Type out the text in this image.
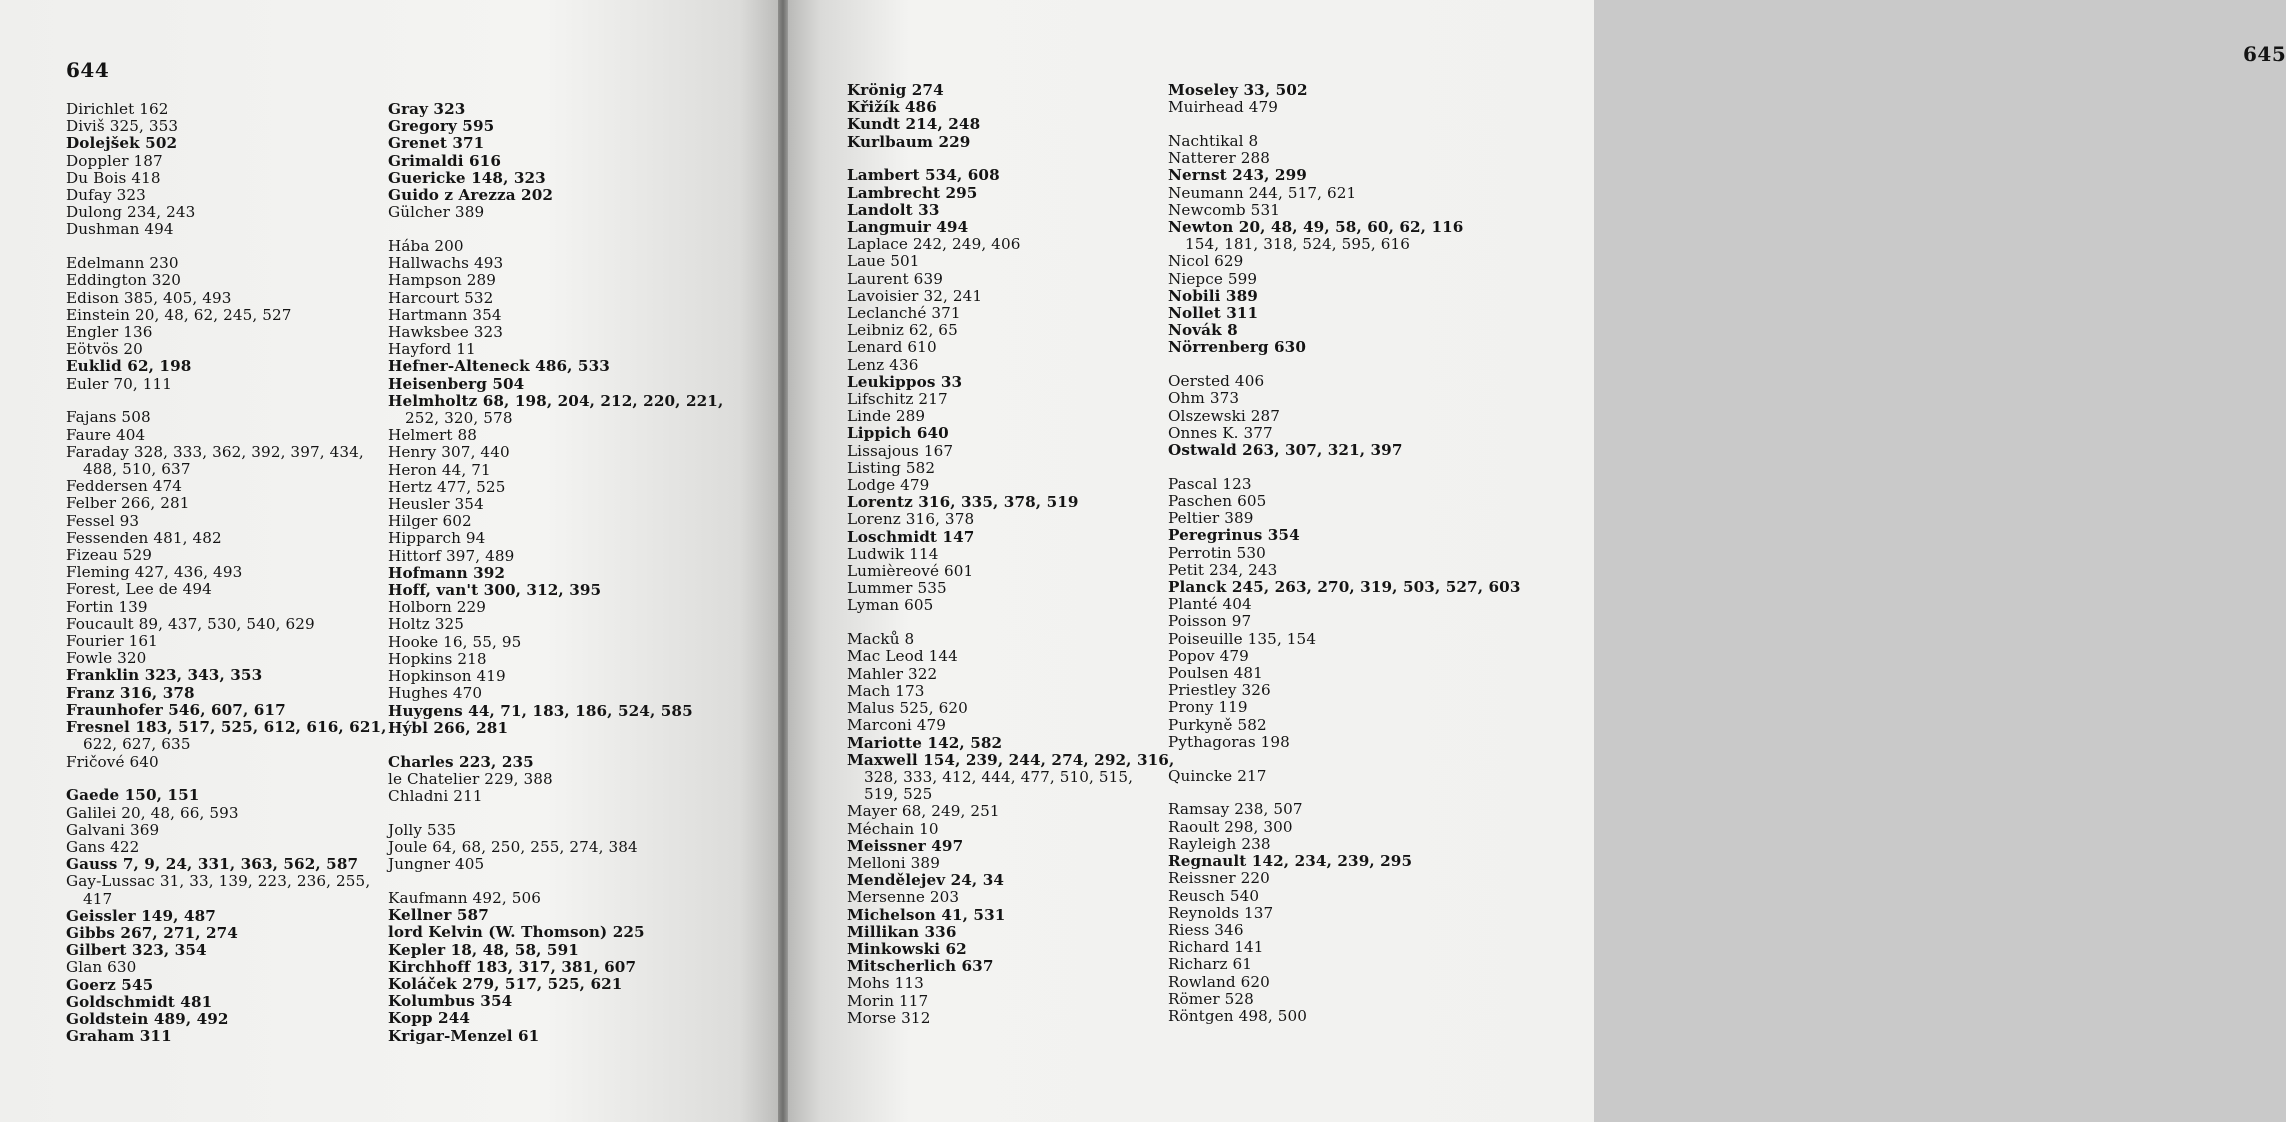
644
Dirichlet 162
Diviš 325, 353
Dolejšek 502
Doppler 187
Du Bois 418
Dufay 323
Dulong 234, 243
Dushman 494
Edelmann 230
Eddington 320
Edison 385, 405, 493
Einstein 20, 48, 62, 245, 527
Engler 136
Eötvös 20
Euklid 62, 198
Euler 70, 111
Fajans 508
Faure 404
Faraday 328, 333, 362, 392, 397, 434,
488, 510, 637
Feddersen 474
Felber 266, 281
Fessel 93
Fessenden 481, 482
Fizeau 529
Fleming 427, 436, 493
Forest, Lee de 494
Fortin 139
Foucault 89, 437, 530, 540, 629
Fourier 161
Fowle 320
Franklin 323, 343, 353
Franz 316, 378
Fraunhofer 546, 607, 617
Fresnel 183, 517, 525, 612, 616, 621,
622, 627, 635
Fričové 640
Gaede 150, 151
Galilei 20, 48, 66, 593
Galvani 369
Gans 422
Gauss 7, 9, 24, 331, 363, 562, 587
Gay-Lussac 31, 33, 139, 223, 236, 255,
417
Geissler 149, 487
Gibbs 267, 271, 274
Gilbert 323, 354
Glan 630
Goerz 545
Goldschmidt 481
Goldstein 489, 492
Graham 311
Gray 323
Gregory 595
Grenet 371
Grimaldi 616
Guericke 148, 323
Guido z Arezza 202
Gülcher 389
Hába 200
Hallwachs 493
Hampson 289
Harcourt 532
Hartmann 354
Hawksbee 323
Hayford 11
Hefner-Alteneck 486, 533
Heisenberg 504
Helmholtz 68, 198, 204, 212, 220, 221,
252, 320, 578
Helmert 88
Henry 307, 440
Heron 44, 71
Hertz 477, 525
Heusler 354
Hilger 602
Hipparch 94
Hittorf 397, 489
Hofmann 392
Hoff, van't 300, 312, 395
Holborn 229
Holtz 325
Hooke 16, 55, 95
Hopkins 218
Hopkinson 419
Hughes 470
Huygens 44, 71, 183, 186, 524, 585
Hýbl 266, 281
Charles 223, 235
le Chatelier 229, 388
Chladni 211
Jolly 535
Joule 64, 68, 250, 255, 274, 384
Jungner 405
Kaufmann 492, 506
Kellner 587
lord Kelvin (W. Thomson) 225
Kepler 18, 48, 58, 591
Kirchhoff 183, 317, 381, 607
Koláček 279, 517, 525, 621
Kolumbus 354
Kopp 244
Krigar-Menzel 61
645
Krönig 274
Křižík 486
Kundt 214, 248
Kurlbaum 229
Lambert 534, 608
Lambrecht 295
Landolt 33
Langmuir 494
Laplace 242, 249, 406
Laue 501
Laurent 639
Lavoisier 32, 241
Leclanché 371
Leibniz 62, 65
Lenard 610
Lenz 436
Leukippos 33
Lifschitz 217
Linde 289
Lippich 640
Lissajous 167
Listing 582
Lodge 479
Lorentz 316, 335, 378, 519
Lorenz 316, 378
Loschmidt 147
Ludwik 114
Lumièreové 601
Lummer 535
Lyman 605
Macků 8
Mac Leod 144
Mahler 322
Mach 173
Malus 525, 620
Marconi 479
Mariotte 142, 582
Maxwell 154, 239, 244, 274, 292, 316,
328, 333, 412, 444, 477, 510, 515,
519, 525
Mayer 68, 249, 251
Méchain 10
Meissner 497
Melloni 389
Mendělejev 24, 34
Mersenne 203
Michelson 41, 531
Millikan 336
Minkowski 62
Mitscherlich 637
Mohs 113
Morin 117
Morse 312
Moseley 33, 502
Muirhead 479
Nachtikal 8
Natterer 288
Nernst 243, 299
Neumann 244, 517, 621
Newcomb 531
Newton 20, 48, 49, 58, 60, 62, 116
154, 181, 318, 524, 595, 616
Nicol 629
Niepce 599
Nobili 389
Nollet 311
Novák 8
Nörrenberg 630
Oersted 406
Ohm 373
Olszewski 287
Onnes K. 377
Ostwald 263, 307, 321, 397
Pascal 123
Paschen 605
Peltier 389
Peregrinus 354
Perrotin 530
Petit 234, 243
Planck 245, 263, 270, 319, 503, 527, 603
Planté 404
Poisson 97
Poiseuille 135, 154
Popov 479
Poulsen 481
Priestley 326
Prony 119
Purkyně 582
Pythagoras 198
Quincke 217
Ramsay 238, 507
Raoult 298, 300
Rayleigh 238
Regnault 142, 234, 239, 295
Reissner 220
Reusch 540
Reynolds 137
Riess 346
Richard 141
Richarz 61
Rowland 620
Römer 528
Röntgen 498, 500
